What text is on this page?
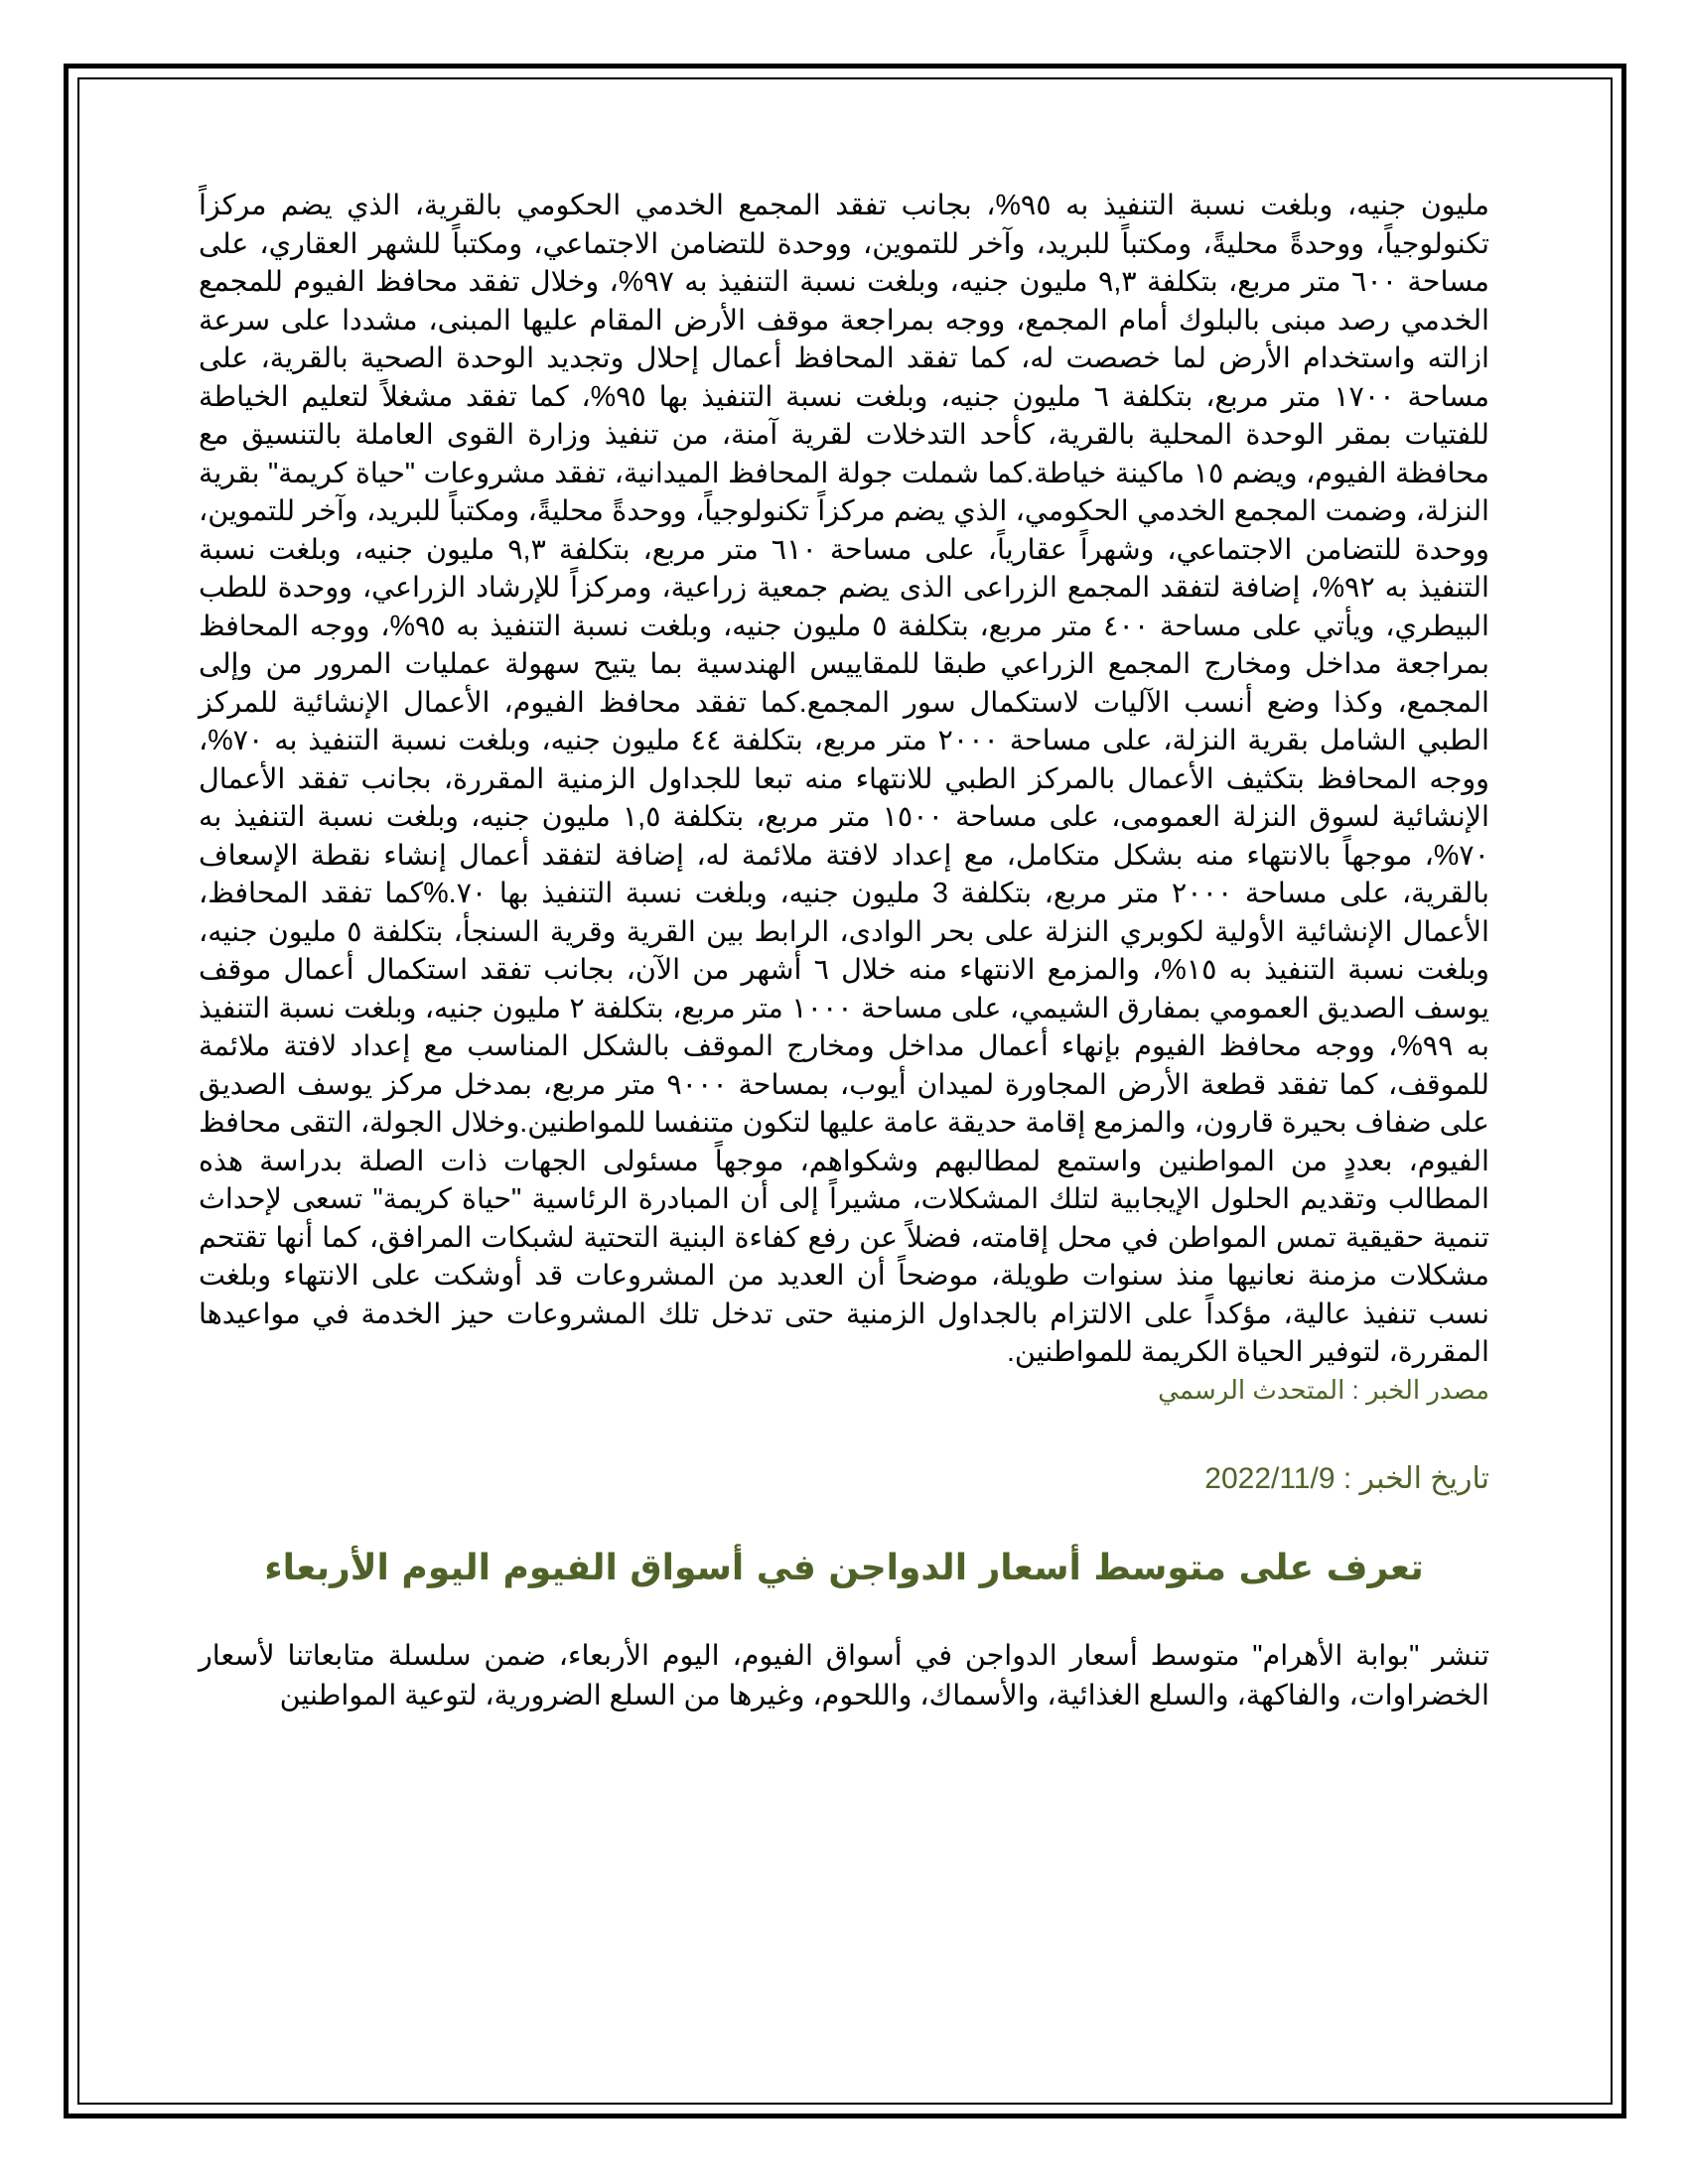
مليون جنيه، وبلغت نسبة التنفيذ به ٩٥%، بجانب تفقد المجمع الخدمي الحكومي بالقرية، الذي يضم مركزاً تكنولوجياً، ووحدةً محليةً، ومكتباً للبريد، وآخر للتموين، ووحدة للتضامن الاجتماعي، ومكتباً للشهر العقاري، على مساحة ٦٠٠ متر مربع، بتكلفة ٩,٣ مليون جنيه، وبلغت نسبة التنفيذ به ٩٧%، وخلال تفقد محافظ الفيوم للمجمع الخدمي رصد مبنى بالبلوك أمام المجمع، ووجه بمراجعة موقف الأرض المقام عليها المبنى، مشددا على سرعة ازالته واستخدام الأرض لما خصصت له، كما تفقد المحافظ أعمال إحلال وتجديد الوحدة الصحية بالقرية، على مساحة ١٧٠٠ متر مربع، بتكلفة ٦ مليون جنيه، وبلغت نسبة التنفيذ بها ٩٥%، كما تفقد مشغلاً لتعليم الخياطة للفتيات بمقر الوحدة المحلية بالقرية، كأحد التدخلات لقرية آمنة، من تنفيذ وزارة القوى العاملة بالتنسيق مع محافظة الفيوم، ويضم ١٥ ماكينة خياطة.كما شملت جولة المحافظ الميدانية، تفقد مشروعات "حياة كريمة" بقرية النزلة، وضمت المجمع الخدمي الحكومي، الذي يضم مركزاً تكنولوجياً، ووحدةً محليةً، ومكتباً للبريد، وآخر للتموين، ووحدة للتضامن الاجتماعي، وشهراً عقارياً، على مساحة ٦١٠ متر مربع، بتكلفة ٩,٣ مليون جنيه، وبلغت نسبة التنفيذ به ٩٢%، إضافة لتفقد المجمع الزراعى الذى يضم جمعية زراعية، ومركزاً للإرشاد الزراعي، ووحدة للطب البيطري، ويأتي على مساحة ٤٠٠ متر مربع، بتكلفة ٥ مليون جنيه، وبلغت نسبة التنفيذ به ٩٥%، ووجه المحافظ بمراجعة مداخل ومخارج المجمع الزراعي طبقا للمقاييس الهندسية بما يتيح سهولة عمليات المرور من وإلى المجمع، وكذا وضع أنسب الآليات لاستكمال سور المجمع.كما تفقد محافظ الفيوم، الأعمال الإنشائية للمركز الطبي الشامل بقرية النزلة، على مساحة ٢٠٠٠ متر مربع، بتكلفة ٤٤ مليون جنيه، وبلغت نسبة التنفيذ به ٧٠%، ووجه المحافظ بتكثيف الأعمال بالمركز الطبي للانتهاء منه تبعا للجداول الزمنية المقررة، بجانب تفقد الأعمال الإنشائية لسوق النزلة العمومى، على مساحة ١٥٠٠ متر مربع، بتكلفة ١,٥ مليون جنيه، وبلغت نسبة التنفيذ به ٧٠%، موجهاً بالانتهاء منه بشكل متكامل، مع إعداد لافتة ملائمة له، إضافة لتفقد أعمال إنشاء نقطة الإسعاف بالقرية، على مساحة ٢٠٠٠ متر مربع، بتكلفة 3 مليون جنيه، وبلغت نسبة التنفيذ بها ٧٠.%كما تفقد المحافظ، الأعمال الإنشائية الأولية لكوبري النزلة على بحر الوادى، الرابط بين القرية وقرية السنجأ، بتكلفة ٥ مليون جنيه، وبلغت نسبة التنفيذ به ١٥%، والمزمع الانتهاء منه خلال ٦ أشهر من الآن، بجانب تفقد استكمال أعمال موقف يوسف الصديق العمومي بمفارق الشيمي، على مساحة ١٠٠٠ متر مربع، بتكلفة ٢ مليون جنيه، وبلغت نسبة التنفيذ به ٩٩%، ووجه محافظ الفيوم بإنهاء أعمال مداخل ومخارج الموقف بالشكل المناسب مع إعداد لافتة ملائمة للموقف، كما تفقد قطعة الأرض المجاورة لميدان أيوب، بمساحة ٩٠٠٠ متر مربع، بمدخل مركز يوسف الصديق على ضفاف بحيرة قارون، والمزمع إقامة حديقة عامة عليها لتكون متنفسا للمواطنين.وخلال الجولة، التقى محافظ الفيوم، بعددٍ من المواطنين واستمع لمطالبهم وشكواهم، موجهاً مسئولى الجهات ذات الصلة بدراسة هذه المطالب وتقديم الحلول الإيجابية لتلك المشكلات، مشيراً إلى أن المبادرة الرئاسية "حياة كريمة" تسعى لإحداث تنمية حقيقية تمس المواطن في محل إقامته، فضلاً عن رفع كفاءة البنية التحتية لشبكات المرافق، كما أنها تقتحم مشكلات مزمنة نعانيها منذ سنوات طويلة، موضحاً أن العديد من المشروعات قد أوشكت على الانتهاء وبلغت نسب تنفيذ عالية، مؤكداً على الالتزام بالجداول الزمنية حتى تدخل تلك المشروعات حيز الخدمة في مواعيدها المقررة، لتوفير الحياة الكريمة للمواطنين.

مصدر الخبر : المتحدث الرسمي

تاريخ الخبر : 2022/11/9

تعرف على متوسط أسعار الدواجن في أسواق الفيوم اليوم الأربعاء

تنشر "بوابة الأهرام" متوسط أسعار الدواجن في أسواق الفيوم، اليوم الأربعاء، ضمن سلسلة متابعاتنا لأسعار الخضراوات، والفاكهة، والسلع الغذائية، والأسماك، واللحوم، وغيرها من السلع الضرورية، لتوعية المواطنين
